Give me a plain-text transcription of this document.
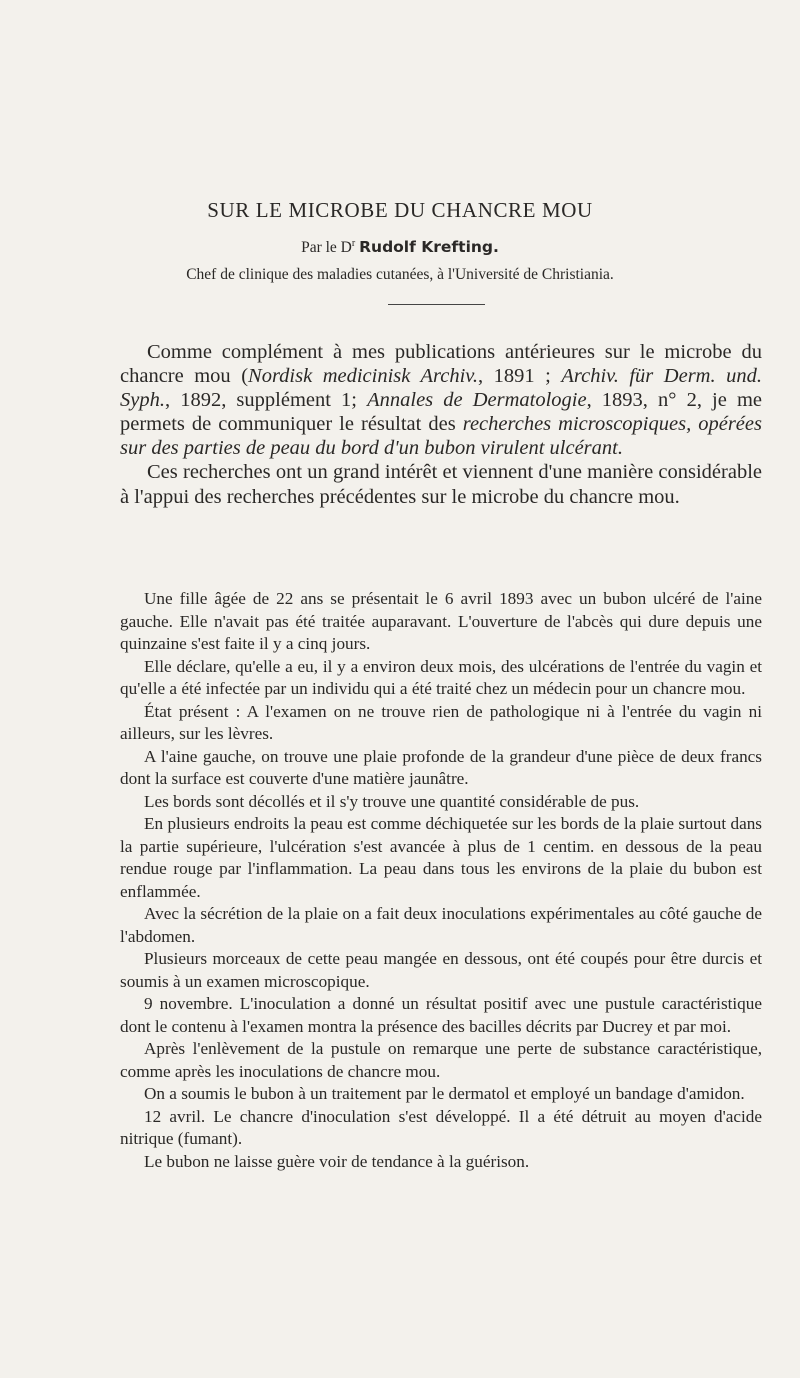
SUR LE MICROBE DU CHANCRE MOU
Par le $D^r$ Rudolf Krefting.
Chef de clinique des maladies cutanées, à l'Université de Christiania.

Comme complément à mes publications antérieures sur le microbe du chancre mou (Nordisk medicinisk Archiv., 1891 ; Archiv. für Derm. und. Syph., 1892, supplément 1; Annales de Dermatologie, 1893, n° 2, je me permets de communiquer le résultat des recherches microscopiques, opérées sur des parties de peau du bord d'un bubon virulent ulcérant.

Ces recherches ont un grand intérêt et viennent d'une manière considérable à l'appui des recherches précédentes sur le microbe du chancre mou.

Une fille âgée de 22 ans se présentait le 6 avril 1893 avec un bubon ulcéré de l'aine gauche. Elle n'avait pas été traitée auparavant. L'ouverture de l'abcès qui dure depuis une quinzaine s'est faite il y a cinq jours.

Elle déclare, qu'elle a eu, il y a environ deux mois, des ulcérations de l'entrée du vagin et qu'elle a été infectée par un individu qui a été traité chez un médecin pour un chancre mou.

État présent : A l'examen on ne trouve rien de pathologique ni à l'entrée du vagin ni ailleurs, sur les lèvres.

A l'aine gauche, on trouve une plaie profonde de la grandeur d'une pièce de deux francs dont la surface est couverte d'une matière jaunâtre.

Les bords sont décollés et il s'y trouve une quantité considérable de pus.

En plusieurs endroits la peau est comme déchiquetée sur les bords de la plaie surtout dans la partie supérieure, l'ulcération s'est avancée à plus de 1 centim. en dessous de la peau rendue rouge par l'inflammation. La peau dans tous les environs de la plaie du bubon est enflammée.

Avec la sécrétion de la plaie on a fait deux inoculations expérimentales au côté gauche de l'abdomen.

Plusieurs morceaux de cette peau mangée en dessous, ont été coupés pour être durcis et soumis à un examen microscopique.

9 novembre. L'inoculation a donné un résultat positif avec une pustule caractéristique dont le contenu à l'examen montra la présence des bacilles décrits par Ducrey et par moi.

Après l'enlèvement de la pustule on remarque une perte de substance caractéristique, comme après les inoculations de chancre mou.

On a soumis le bubon à un traitement par le dermatol et employé un bandage d'amidon.

12 avril. Le chancre d'inoculation s'est développé. Il a été détruit au moyen d'acide nitrique (fumant).

Le bubon ne laisse guère voir de tendance à la guérison.
